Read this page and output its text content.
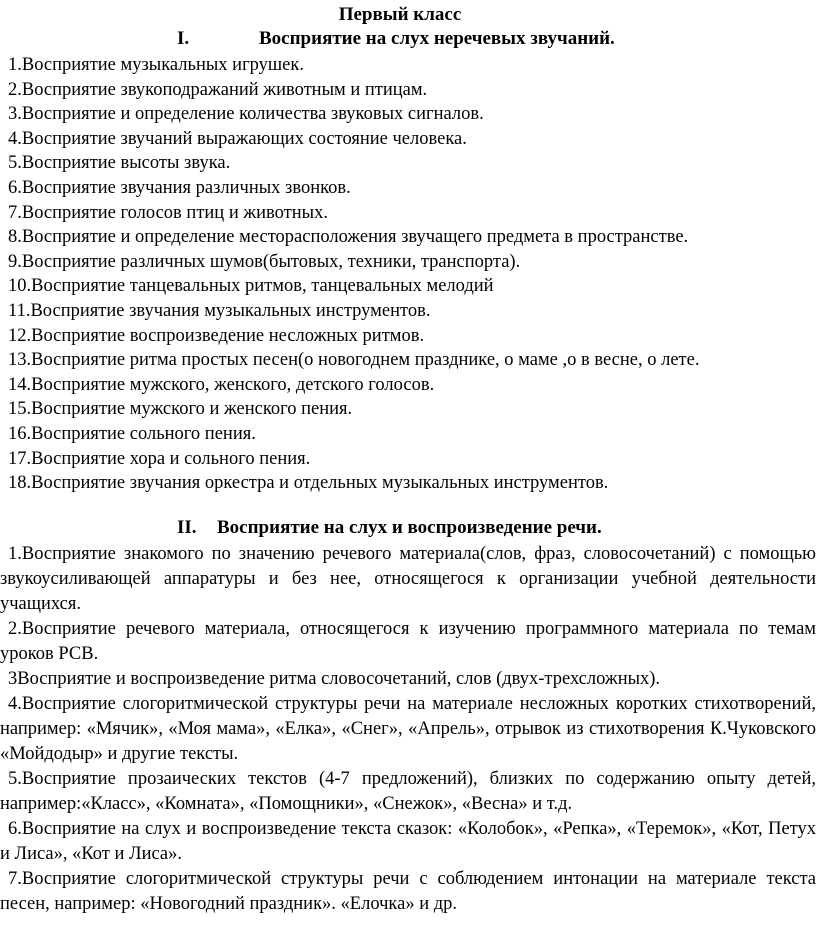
Первый класс
I.	Восприятие на слух неречевых звучаний.
1.Восприятие музыкальных игрушек.
2.Восприятие звукоподражаний животным и птицам.
3.Восприятие и определение количества звуковых сигналов.
4.Восприятие звучаний выражающих состояние человека.
5.Восприятие высоты звука.
6.Восприятие звучания различных звонков.
7.Восприятие голосов птиц и животных.
8.Восприятие и определение месторасположения звучащего предмета в пространстве.
9.Восприятие различных шумов(бытовых, техники, транспорта).
10.Восприятие танцевальных ритмов, танцевальных мелодий
11.Восприятие звучания музыкальных инструментов.
12.Восприятие воспроизведение несложных ритмов.
13.Восприятие ритма простых песен(о новогоднем празднике, о маме ,о в весне, о лете.
14.Восприятие мужского, женского, детского голосов.
15.Восприятие мужского и женского пения.
16.Восприятие сольного пения.
17.Восприятие хора и сольного пения.
18.Восприятие звучания оркестра и отдельных музыкальных инструментов.
II. Восприятие на слух и воспроизведение речи.

1.Восприятие знакомого по значению речевого материала(слов, фраз, словосочетаний) с помощью звукоусиливающей аппаратуры и без нее, относящегося к организации учебной деятельности учащихся.

2.Восприятие речевого материала, относящегося к изучению программного материала по темам уроков РСВ.

3Восприятие и воспроизведение ритма словосочетаний, слов (двух-трехсложных).

4.Восприятие слогоритмической структуры речи на материале несложных коротких стихотворений, например: «Мячик», «Моя мама», «Елка», «Снег», «Апрель», отрывок из стихотворения К.Чуковского «Мойдодыр» и другие тексты.

5.Восприятие прозаических текстов (4-7 предложений), близких по содержанию опыту детей, например:«Класс», «Комната», «Помощники», «Снежок», «Весна» и т.д.

6.Восприятие на слух и воспроизведение текста сказок: «Колобок», «Репка», «Теремок», «Кот, Петух и Лиса», «Кот и Лиса».

7.Восприятие слогоритмической структуры речи с соблюдением интонации на материале текста песен, например: «Новогодний праздник». «Елочка» и др.
